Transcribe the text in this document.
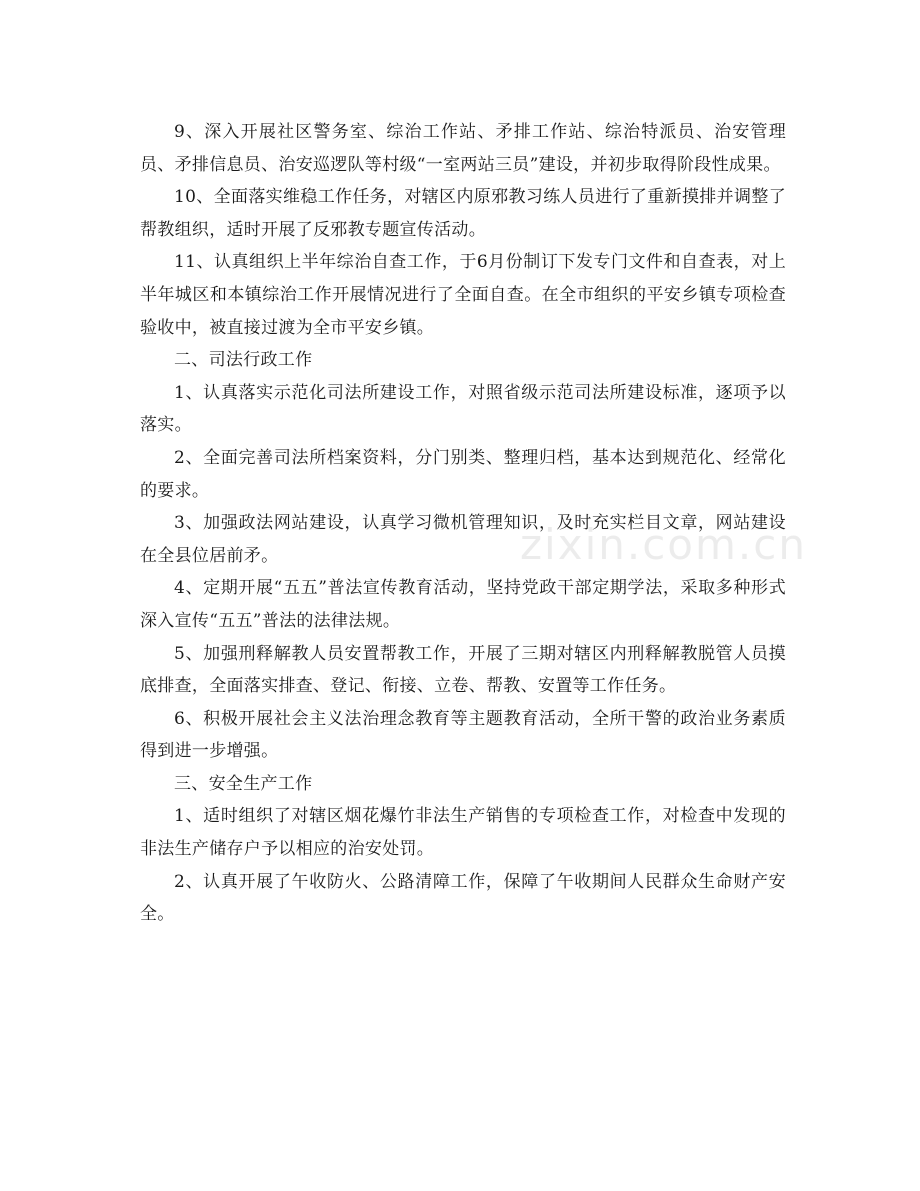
9、深入开展社区警务室、综治工作站、矛排工作站、综治特派员、治安管理员、矛排信息员、治安巡逻队等村级“一室两站三员”建设，并初步取得阶段性成果。

10、全面落实维稳工作任务，对辖区内原邪教习练人员进行了重新摸排并调整了帮教组织，适时开展了反邪教专题宣传活动。

11、认真组织上半年综治自查工作，于6月份制订下发专门文件和自查表，对上半年城区和本镇综治工作开展情况进行了全面自查。在全市组织的平安乡镇专项检查验收中，被直接过渡为全市平安乡镇。

二、司法行政工作

1、认真落实示范化司法所建设工作，对照省级示范司法所建设标准，逐项予以落实。

2、全面完善司法所档案资料，分门别类、整理归档，基本达到规范化、经常化的要求。

3、加强政法网站建设，认真学习微机管理知识，及时充实栏目文章，网站建设在全县位居前矛。

4、定期开展“五五”普法宣传教育活动，坚持党政干部定期学法，采取多种形式深入宣传“五五”普法的法律法规。

5、加强刑释解教人员安置帮教工作，开展了三期对辖区内刑释解教脱管人员摸底排查，全面落实排查、登记、衔接、立卷、帮教、安置等工作任务。

6、积极开展社会主义法治理念教育等主题教育活动，全所干警的政治业务素质得到进一步增强。

三、安全生产工作

1、适时组织了对辖区烟花爆竹非法生产销售的专项检查工作，对检查中发现的非法生产储存户予以相应的治安处罚。

2、认真开展了午收防火、公路清障工作，保障了午收期间人民群众生命财产安全。

zixin.com.cn
